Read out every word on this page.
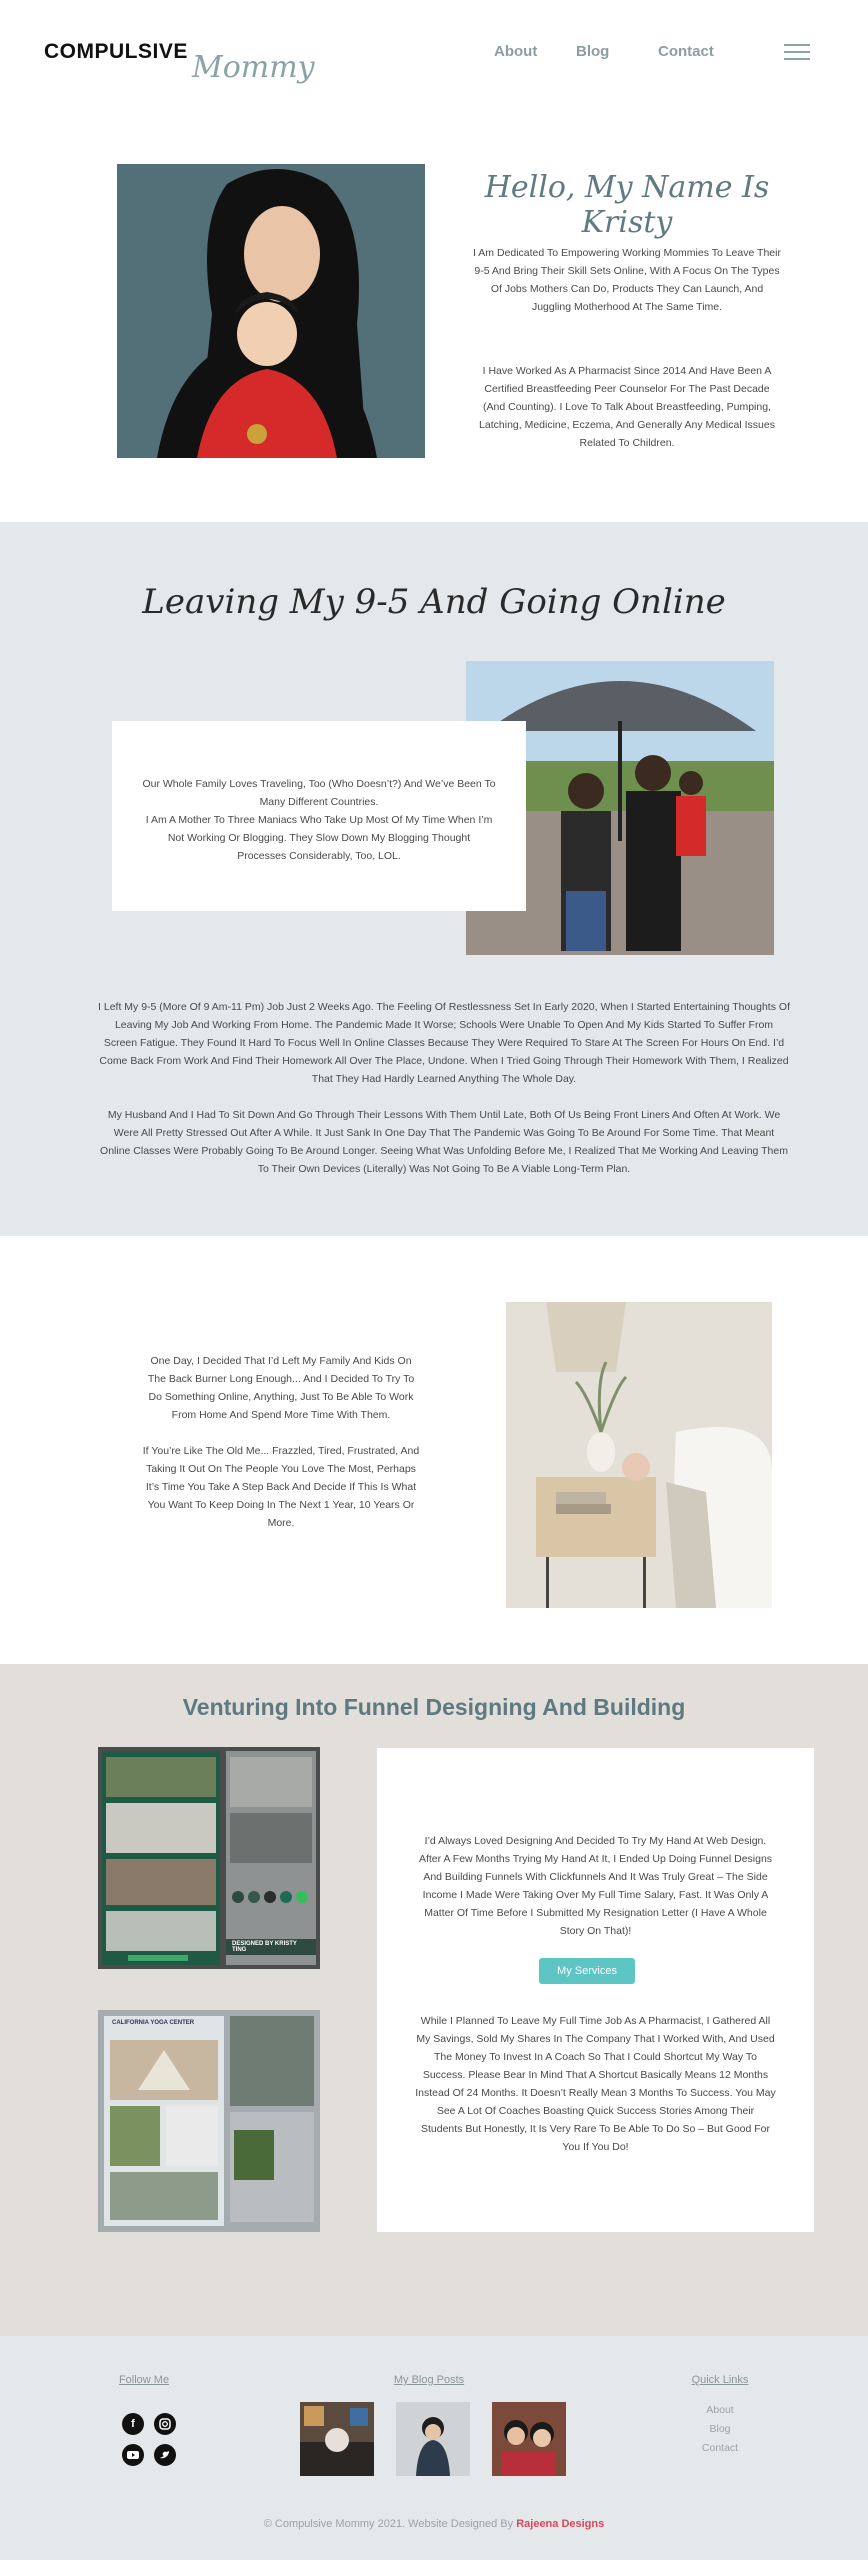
COMPULSIVE Mommy	About	Blog	Contact
Hello, My Name Is Kristy

I Am Dedicated To Empowering Working Mommies To Leave Their 9-5 And Bring Their Skill Sets Online, With A Focus On The Types Of Jobs Mothers Can Do, Products They Can Launch, And Juggling Motherhood At The Same Time.

I Have Worked As A Pharmacist Since 2014 And Have Been A Certified Breastfeeding Peer Counselor For The Past Decade (And Counting). I Love To Talk About Breastfeeding, Pumping, Latching, Medicine, Eczema, And Generally Any Medical Issues Related To Children.

Leaving My 9-5 And Going Online

Our Whole Family Loves Traveling, Too (Who Doesn’t?) And We’ve Been To Many Different Countries.

I Am A Mother To Three Maniacs Who Take Up Most Of My Time When I’m Not Working Or Blogging. They Slow Down My Blogging Thought Processes Considerably, Too, LOL.

I Left My 9-5 (More Of 9 Am-11 Pm) Job Just 2 Weeks Ago. The Feeling Of Restlessness Set In Early 2020, When I Started Entertaining Thoughts Of Leaving My Job And Working From Home. The Pandemic Made It Worse; Schools Were Unable To Open And My Kids Started To Suffer From Screen Fatigue. They Found It Hard To Focus Well In Online Classes Because They Were Required To Stare At The Screen For Hours On End. I’d Come Back From Work And Find Their Homework All Over The Place, Undone. When I Tried Going Through Their Homework With Them, I Realized That They Had Hardly Learned Anything The Whole Day.

My Husband And I Had To Sit Down And Go Through Their Lessons With Them Until Late, Both Of Us Being Front Liners And Often At Work. We Were All Pretty Stressed Out After A While. It Just Sank In One Day That The Pandemic Was Going To Be Around For Some Time. That Meant Online Classes Were Probably Going To Be Around Longer. Seeing What Was Unfolding Before Me, I Realized That Me Working And Leaving Them To Their Own Devices (Literally) Was Not Going To Be A Viable Long-Term Plan.

One Day, I Decided That I’d Left My Family And Kids On The Back Burner Long Enough... And I Decided To Try To Do Something Online, Anything, Just To Be Able To Work From Home And Spend More Time With Them.

If You’re Like The Old Me... Frazzled, Tired, Frustrated, And Taking It Out On The People You Love The Most, Perhaps It’s Time You Take A Step Back And Decide If This Is What You Want To Keep Doing In The Next 1 Year, 10 Years Or More.

Venturing Into Funnel Designing And Building
DESIGNED BY KRISTY TING
CALIFORNIA YOGA CENTER

I’d Always Loved Designing And Decided To Try My Hand At Web Design. After A Few Months Trying My Hand At It, I Ended Up Doing Funnel Designs And Building Funnels With Clickfunnels And It Was Truly Great – The Side Income I Made Were Taking Over My Full Time Salary, Fast. It Was Only A Matter Of Time Before I Submitted My Resignation Letter (I Have A Whole Story On That)!

My Services

While I Planned To Leave My Full Time Job As A Pharmacist, I Gathered All My Savings, Sold My Shares In The Company That I Worked With, And Used The Money To Invest In A Coach So That I Could Shortcut My Way To Success. Please Bear In Mind That A Shortcut Basically Means 12 Months Instead Of 24 Months. It Doesn’t Really Mean 3 Months To Success. You May See A Lot Of Coaches Boasting Quick Success Stories Among Their Students But Honestly, It Is Very Rare To Be Able To Do So – But Good For You If You Do!

Follow Me
f
My Blog Posts	Quick Links
About
Blog
Contact
© Compulsive Mommy 2021. Website Designed By Rajeena Designs
